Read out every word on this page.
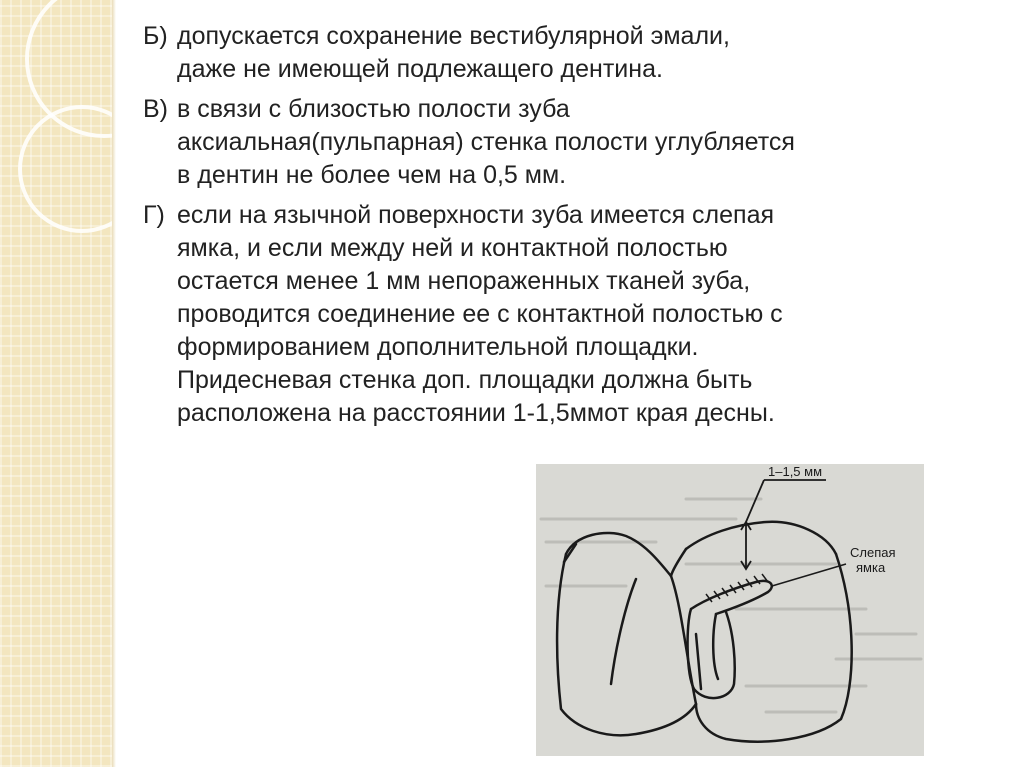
Б) допускается сохранение вестибулярной эмали,
даже не имеющей подлежащего дентина.
В) в связи с близостью полости зуба
аксиальная(пульпарная) стенка полости углубляется
в дентин не более чем на 0,5 мм.
Г) если на язычной поверхности зуба имеется слепая
ямка, и если между ней и контактной полостью
остается менее 1 мм непораженных тканей зуба,
проводится соединение ее с контактной полостью с
формированием дополнительной площадки.
Придесневая стенка доп. площадки должна быть
расположена на расстоянии 1-1,5ммот края десны.
1–1,5 мм
Слепая
ямка
